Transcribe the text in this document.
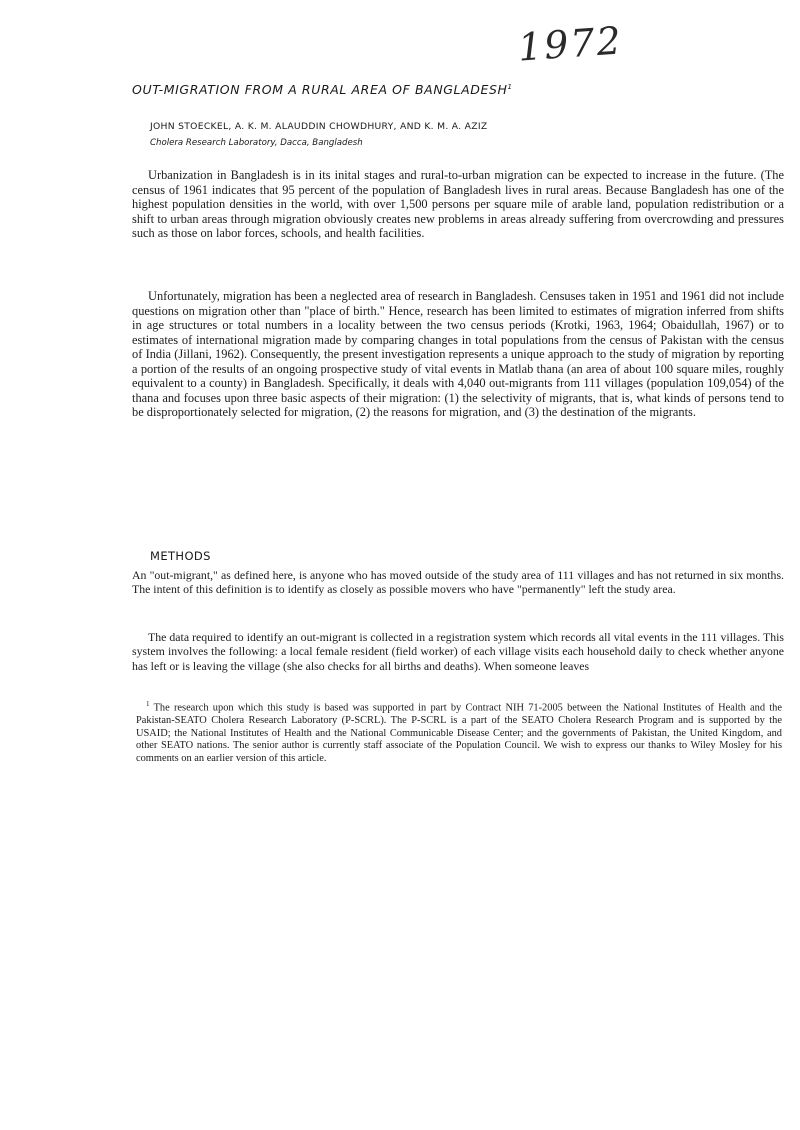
1972
OUT-MIGRATION FROM A RURAL AREA OF BANGLADESH$^1$
JOHN STOECKEL, A. K. M. ALAUDDIN CHOWDHURY, AND K. M. A. AZIZ
Cholera Research Laboratory, Dacca, Bangladesh

Urbanization in Bangladesh is in its inital stages and rural-to-urban migration can be expected to increase in the future. (The census of 1961 indicates that 95 percent of the population of Bangladesh lives in rural areas. Because Bangladesh has one of the highest population densities in the world, with over 1,500 persons per square mile of arable land, population redistribution or a shift to urban areas through migration obviously creates new problems in areas already suffering from overcrowding and pressures such as those on labor forces, schools, and health facilities.

Unfortunately, migration has been a neglected area of research in Bangladesh. Censuses taken in 1951 and 1961 did not include questions on migration other than "place of birth." Hence, research has been limited to estimates of migration inferred from shifts in age structures or total numbers in a locality between the two census periods (Krotki, 1963, 1964; Obaidullah, 1967) or to estimates of international migration made by comparing changes in total populations from the census of Pakistan with the census of India (Jillani, 1962). Consequently, the present investigation represents a unique approach to the study of migration by reporting a portion of the results of an ongoing prospective study of vital events in Matlab thana (an area of about 100 square miles, roughly equivalent to a county) in Bangladesh. Specifically, it deals with 4,040 out-migrants from 111 villages (population 109,054) of the thana and focuses upon three basic aspects of their migration: (1) the selectivity of migrants, that is, what kinds of persons tend to be disproportionately selected for migration, (2) the reasons for migration, and (3) the destination of the migrants.

METHODS

An "out-migrant," as defined here, is anyone who has moved outside of the study area of 111 villages and has not returned in six months. The intent of this definition is to identify as closely as possible movers who have "permanently" left the study area.

The data required to identify an out-migrant is collected in a registration system which records all vital events in the 111 villages. This system involves the following: a local female resident (field worker) of each village visits each household daily to check whether anyone has left or is leaving the village (she also checks for all births and deaths). When someone leaves

$^1$ The research upon which this study is based was supported in part by Contract NIH 71-2005 between the National Institutes of Health and the Pakistan-SEATO Cholera Research Laboratory (P-SCRL). The P-SCRL is a part of the SEATO Cholera Research Program and is supported by the USAID; the National Institutes of Health and the National Communicable Disease Center; and the governments of Pakistan, the United Kingdom, and other SEATO nations. The senior author is currently staff associate of the Population Council. We wish to express our thanks to Wiley Mosley for his comments on an earlier version of this article.
